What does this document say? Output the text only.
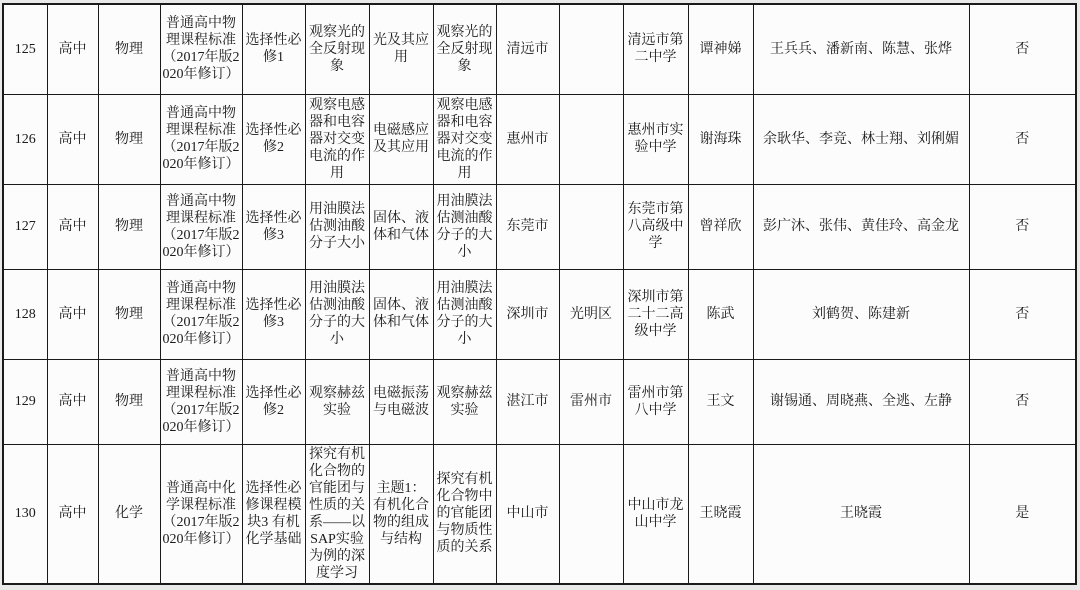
125	高中	物理	普通高中物理课程标准（2017年版2020年修订）	选择性必修1	观察光的全反射现象	光及其应用	观察光的全反射现象	清远市		清远市第二中学	谭神娣	王兵兵、潘新南、陈慧、张烨	否
126	高中	物理	普通高中物理课程标准（2017年版2020年修订）	选择性必修2	观察电感器和电容器对交变电流的作用	电磁感应及其应用	观察电感器和电容器对交变电流的作用	惠州市		惠州市实验中学	谢海珠	余耿华、李竞、林士翔、刘俐媚	否
127	高中	物理	普通高中物理课程标准（2017年版2020年修订）	选择性必修3	用油膜法估测油酸分子大小	固体、液体和气体	用油膜法估测油酸分子的大小	东莞市		东莞市第八高级中学	曾祥欣	彭广沐、张伟、黄佳玲、高金龙	否
128	高中	物理	普通高中物理课程标准（2017年版2020年修订）	选择性必修3	用油膜法估测油酸分子的大小	固体、液体和气体	用油膜法估测油酸分子的大小	深圳市	光明区	深圳市第二十二高级中学	陈武	刘鹤贺、陈建新	否
129	高中	物理	普通高中物理课程标准（2017年版2020年修订）	选择性必修2	观察赫兹实验	电磁振荡与电磁波	观察赫兹实验	湛江市	雷州市	雷州市第八中学	王文	谢锡通、周晓燕、全逃、左静	否
130	高中	化学	普通高中化学课程标准（2017年版2020年修订）	选择性必修课程模块3 有机化学基础	探究有机化合物的官能团与性质的关系——以SAP实验为例的深度学习	主题1：有机化合物的组成与结构	探究有机化合物中的官能团与物质性质的关系	中山市		中山市龙山中学	王晓霞	王晓霞	是
